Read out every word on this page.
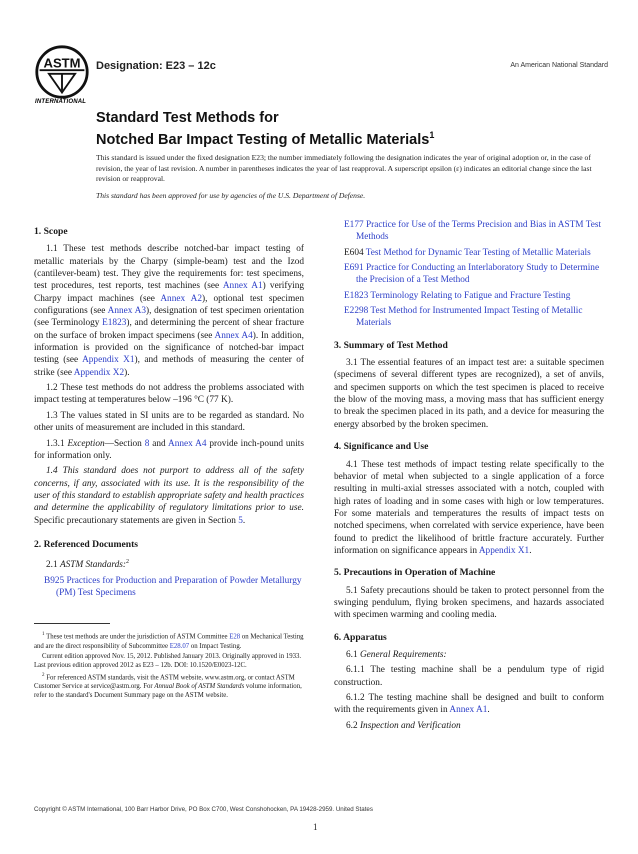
ASTM
INTERNATIONAL
Designation: E23 – 12c	An American National Standard
Standard Test Methods for
Notched Bar Impact Testing of Metallic Materials$^1$
This standard is issued under the fixed designation E23; the number immediately following the designation indicates the year of original adoption or, in the case of revision, the year of last revision. A number in parentheses indicates the year of last reapproval. A superscript epsilon (ε) indicates an editorial change since the last revision or reapproval.
This standard has been approved for use by agencies of the U.S. Department of Defense.
1. Scope

1.1 These test methods describe notched-bar impact testing of metallic materials by the Charpy (simple-beam) test and the Izod (cantilever-beam) test. They give the requirements for: test specimens, test procedures, test reports, test machines (see Annex A1) verifying Charpy impact machines (see Annex A2), optional test specimen configurations (see Annex A3), designation of test specimen orientation (see Terminology E1823), and determining the percent of shear fracture on the surface of broken impact specimens (see Annex A4). In addition, information is provided on the significance of notched-bar impact testing (see Appendix X1), and methods of measuring the center of strike (see Appendix X2).

1.2 These test methods do not address the problems associated with impact testing at temperatures below –196 °C (77 K).

1.3 The values stated in SI units are to be regarded as standard. No other units of measurement are included in this standard.

1.3.1 Exception—Section 8 and Annex A4 provide inch-pound units for information only.

1.4 This standard does not purport to address all of the safety concerns, if any, associated with its use. It is the responsibility of the user of this standard to establish appropriate safety and health practices and determine the applicability of regulatory limitations prior to use. Specific precautionary statements are given in Section 5.

2. Referenced Documents

2.1 ASTM Standards:$^2$

B925 Practices for Production and Preparation of Powder Metallurgy (PM) Test Specimens

$^1$ These test methods are under the jurisdiction of ASTM Committee E28 on Mechanical Testing and are the direct responsibility of Subcommittee E28.07 on Impact Testing.

Current edition approved Nov. 15, 2012. Published January 2013. Originally approved in 1933. Last previous edition approved 2012 as E23 – 12b. DOI: 10.1520/E0023-12C.

$^2$ For referenced ASTM standards, visit the ASTM website, www.astm.org, or contact ASTM Customer Service at service@astm.org. For Annual Book of ASTM Standards volume information, refer to the standard's Document Summary page on the ASTM website.

E177 Practice for Use of the Terms Precision and Bias in ASTM Test Methods

E604 Test Method for Dynamic Tear Testing of Metallic Materials

E691 Practice for Conducting an Interlaboratory Study to Determine the Precision of a Test Method

E1823 Terminology Relating to Fatigue and Fracture Testing

E2298 Test Method for Instrumented Impact Testing of Metallic Materials

3. Summary of Test Method

3.1 The essential features of an impact test are: a suitable specimen (specimens of several different types are recognized), a set of anvils, and specimen supports on which the test specimen is placed to receive the blow of the moving mass, a moving mass that has sufficient energy to break the specimen placed in its path, and a device for measuring the energy absorbed by the broken specimen.

4. Significance and Use

4.1 These test methods of impact testing relate specifically to the behavior of metal when subjected to a single application of a force resulting in multi-axial stresses associated with a notch, coupled with high rates of loading and in some cases with high or low temperatures. For some materials and temperatures the results of impact tests on notched specimens, when correlated with service experience, have been found to predict the likelihood of brittle fracture accurately. Further information on significance appears in Appendix X1.

5. Precautions in Operation of Machine

5.1 Safety precautions should be taken to protect personnel from the swinging pendulum, flying broken specimens, and hazards associated with specimen warming and cooling media.

6. Apparatus

6.1 General Requirements:

6.1.1 The testing machine shall be a pendulum type of rigid construction.

6.1.2 The testing machine shall be designed and built to conform with the requirements given in Annex A1.

6.2 Inspection and Verification

Copyright © ASTM International, 100 Barr Harbor Drive, PO Box C700, West Conshohocken, PA 19428-2959. United States
1
